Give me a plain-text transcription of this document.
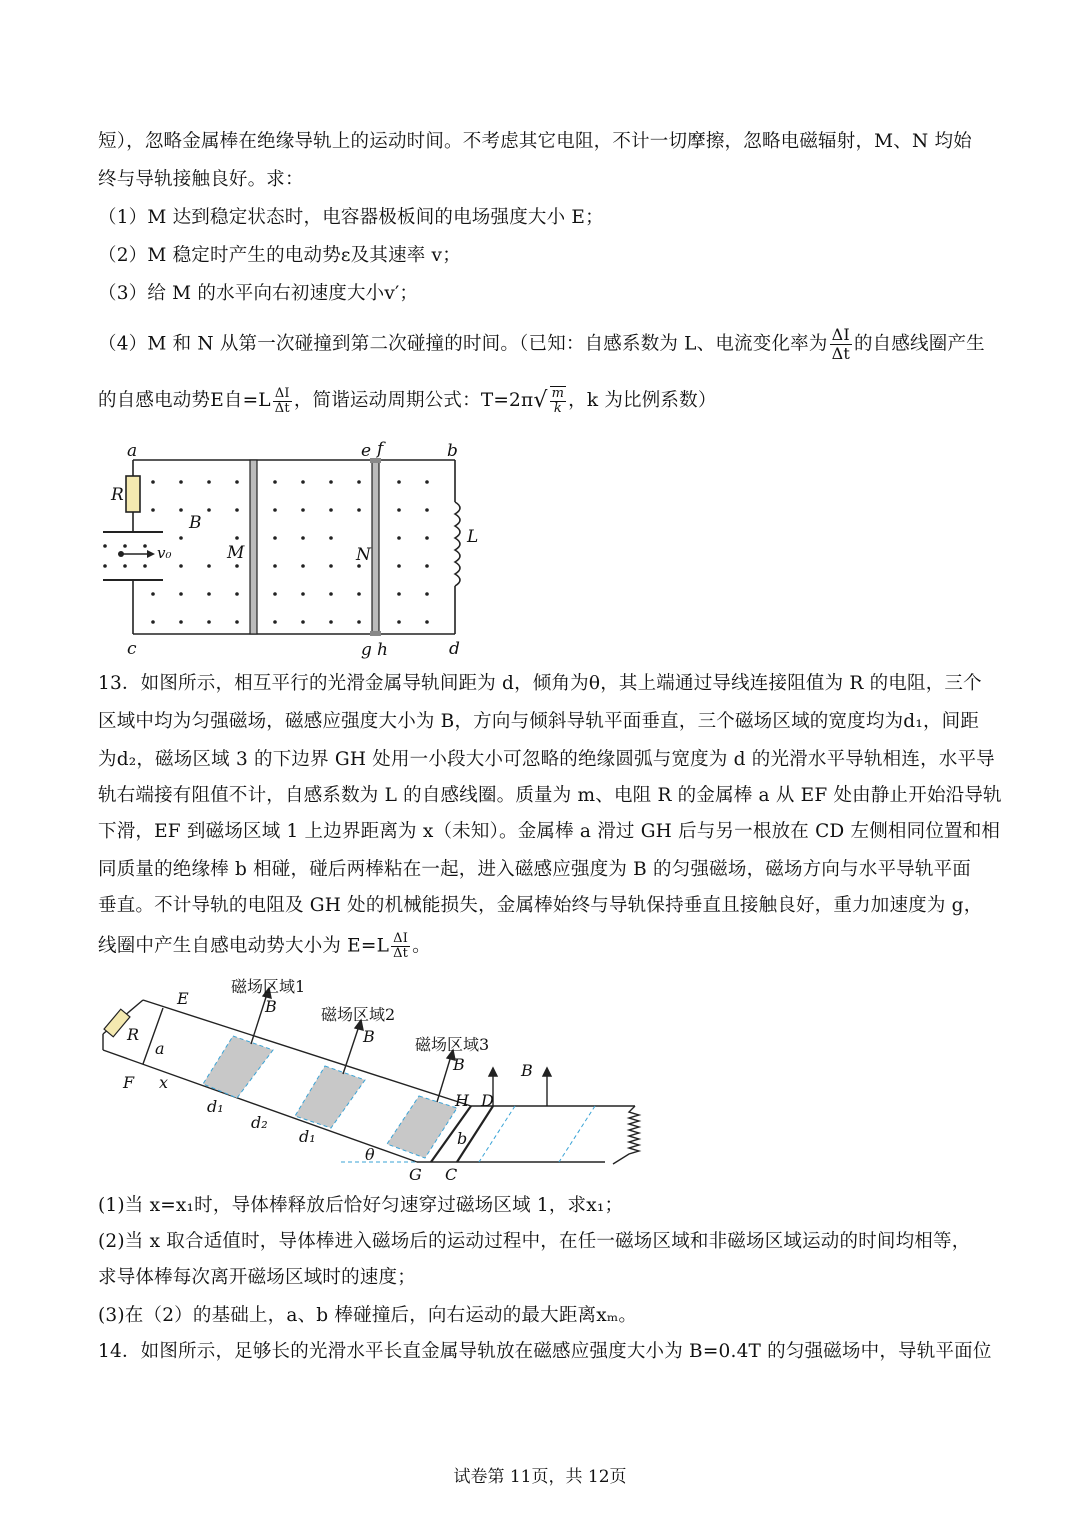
短），忽略金属棒在绝缘导轨上的运动时间。不考虑其它电阻，不计一切摩擦，忽略电磁辐射，M、N 均始
终与导轨接触良好。求：
（1）M 达到稳定状态时，电容器极板间的电场强度大小 E；
（2）M 稳定时产生的电动势ε及其速率 v；
（3）给 M 的水平向右初速度大小v′；
（4）M 和 N 从第一次碰撞到第二次碰撞的时间。（已知：自感系数为 L、电流变化率为 $\frac{\Delta I}{\Delta t}$ 的自感线圈产生
的自感电动势E自$=L \frac{\Delta I}{\Delta t}$ ，简谐运动周期公式：$T=2\pi√ \frac{m}{k}$ ，k 为比例系数）
a	b
c	d
e f
g h
R
B
M	N
L
v₀
13．如图所示，相互平行的光滑金属导轨间距为 d，倾角为θ，其上端通过导线连接阻值为 R 的电阻，三个
区域中均为匀强磁场，磁感应强度大小为 B，方向与倾斜导轨平面垂直，三个磁场区域的宽度均为d₁，间距
为d₂，磁场区域 3 的下边界 GH 处用一小段大小可忽略的绝缘圆弧与宽度为 d 的光滑水平导轨相连，水平导
轨右端接有阻值不计，自感系数为 L 的自感线圈。质量为 m、电阻 R 的金属棒 a 从 EF 处由静止开始沿导轨
下滑，EF 到磁场区域 1 上边界距离为 x（未知）。金属棒 a 滑过 GH 后与另一根放在 CD 左侧相同位置和相
同质量的绝缘棒 b 相碰，碰后两棒粘在一起，进入磁感应强度为 B 的匀强磁场，磁场方向与水平导轨平面
垂直。不计导轨的电阻及 GH 处的机械能损失，金属棒始终与导轨保持垂直且接触良好，重力加速度为 g，
线圈中产生自感电动势大小为 $E=L \frac{\Delta I}{\Delta t}$ 。
磁场区域1
磁场区域2
磁场区域3
E
F
R
a
x
d₁
d₂
d₁
θ
G C
H D
b
B
B
B	B
(1)当 x=x₁时，导体棒释放后恰好匀速穿过磁场区域 1，求x₁；
(2)当 x 取合适值时，导体棒进入磁场后的运动过程中，在任一磁场区域和非磁场区域运动的时间均相等，
求导体棒每次离开磁场区域时的速度；
(3)在（2）的基础上，a、b 棒碰撞后，向右运动的最大距离xₘ。
14．如图所示，足够长的光滑水平长直金属导轨放在磁感应强度大小为 B=0.4T 的匀强磁场中，导轨平面位
试卷第 11页，共 12页
